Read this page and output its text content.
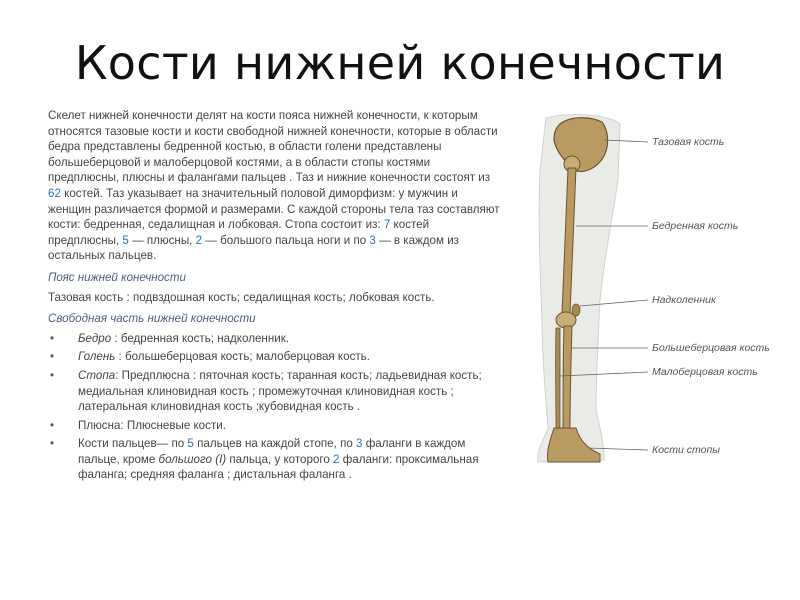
Кости нижней конечности

Скелет нижней конечности делят на кости пояса нижней конечности, к которым относятся тазовые кости и кости свободной нижней конечности, которые в области бедра представлены бедренной костью, в области голени представлены большеберцовой и малоберцовой костями, а в области стопы костями предплюсны, плюсны и фалангами пальцев . Таз и нижние конечности состоят из 62 костей. Таз указывает на значительный половой диморфизм: у мужчин и женщин различается формой и размерами. С каждой стороны тела таз составляют кости: бедренная, седалищная и лобковая. Стопа состоит из: 7 костей предплюсны, 5 — плюсны, 2 — большого пальца ноги и по 3 — в каждом из остальных пальцев.

Пояс нижней конечности
Тазовая кость : подвздошная кость; седалищная кость; лобковая кость.
Свободная часть нижней конечности
• Бедро : бедренная кость; надколенник.
• Голень : большеберцовая кость; малоберцовая кость.
• Стопа: Предплюсна : пяточная кость; таранная кость; ладьевидная кость; медиальная клиновидная кость ; промежуточная клиновидная кость ; латеральная клиновидная кость ;кубовидная кость .
• Плюсна: Плюсневые кости.
• Кости пальцев— по 5 пальцев на каждой стопе, по 3 фаланги в каждом пальце, кроме большого (I) пальца, у которого 2 фаланги: проксимальная фаланга; средняя фаланга ; дистальная фаланга .
Тазовая кость
Бедренная кость
Надколенник
Большеберцовая кость
Малоберцовая кость
Кости стопы
